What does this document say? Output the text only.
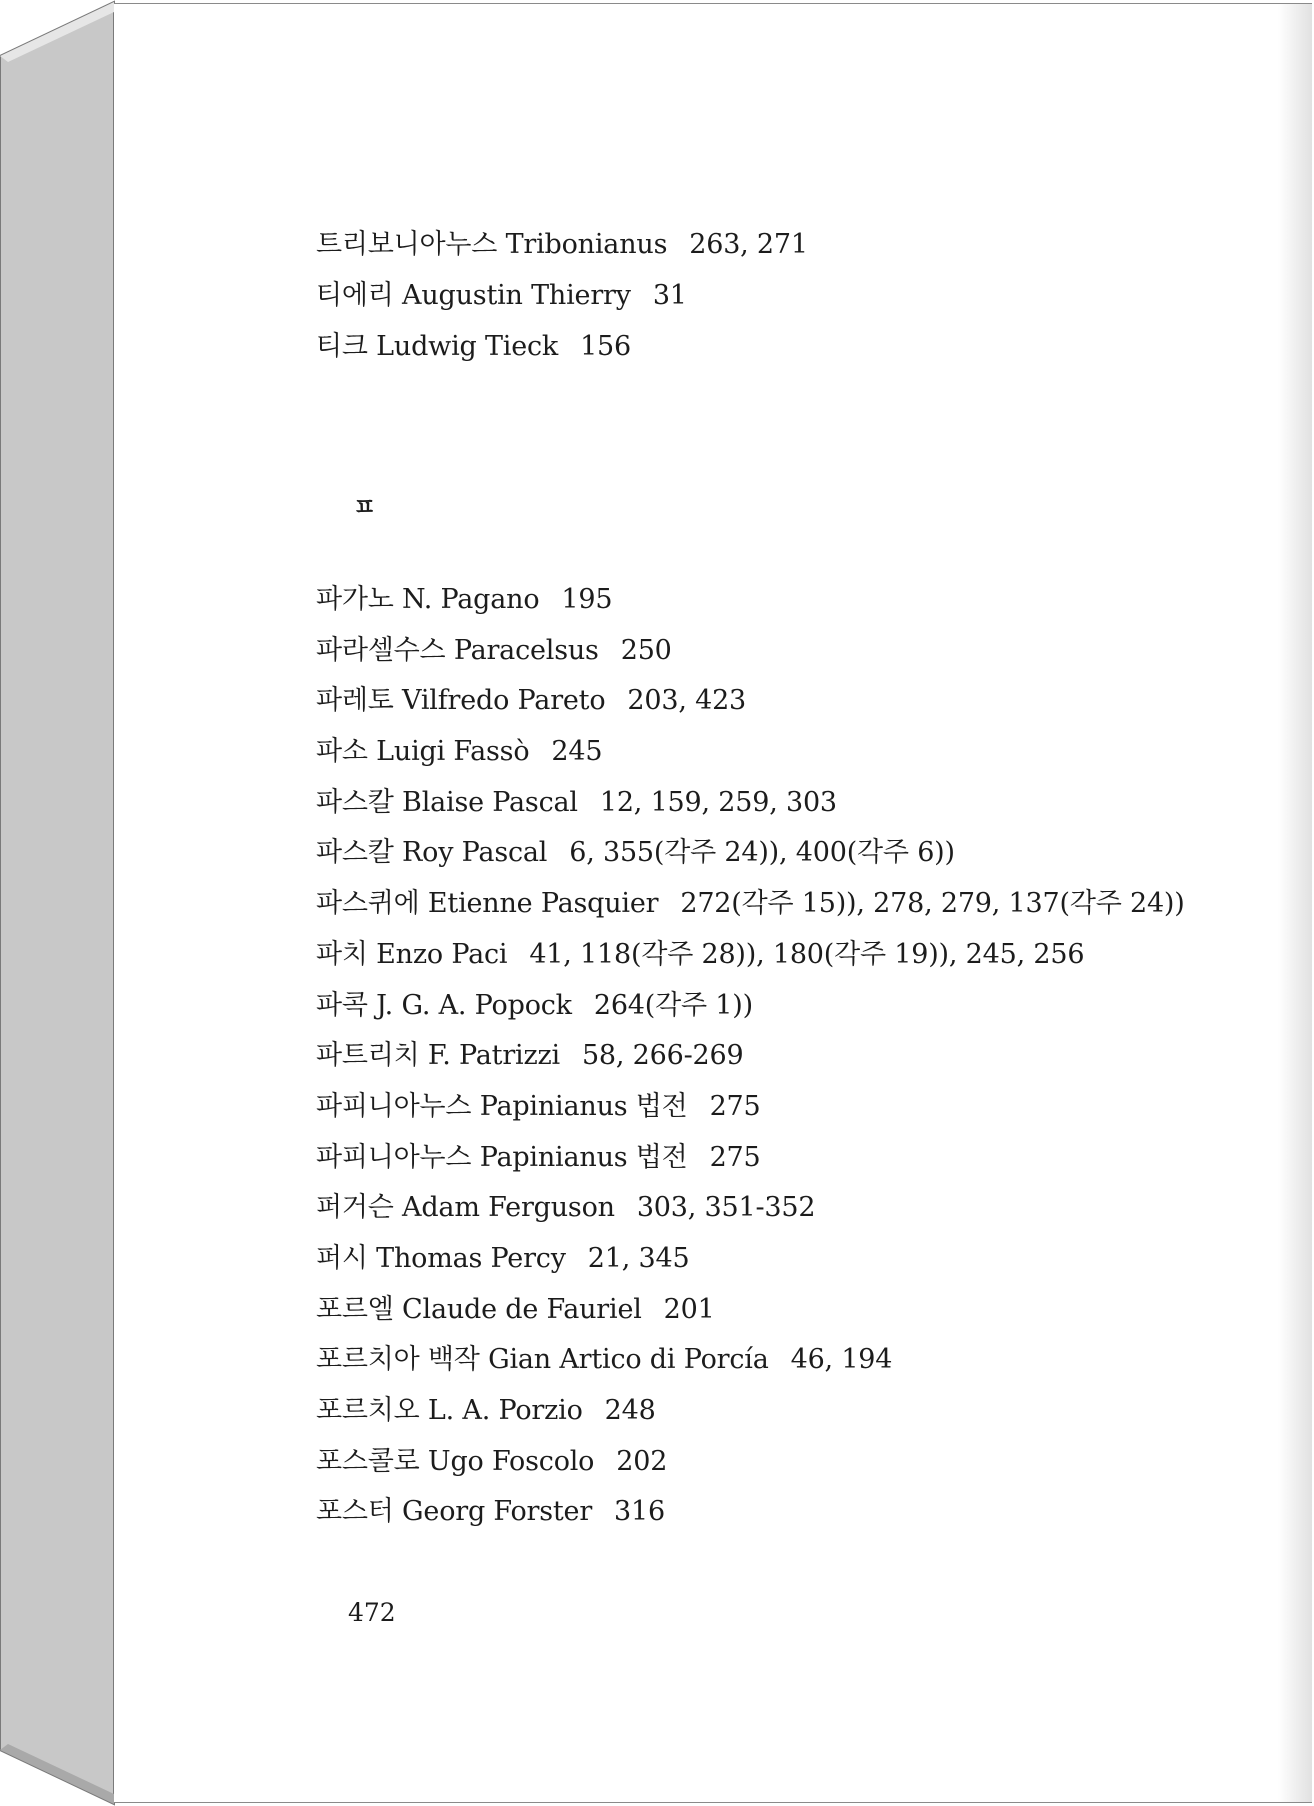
트리보니아누스 Tribonianus 263, 271
티에리 Augustin Thierry 31
티크 Ludwig Tieck 156
ㅍ
파가노 N. Pagano 195
파라셀수스 Paracelsus 250
파레토 Vilfredo Pareto 203, 423
파소 Luigi Fassò 245
파스칼 Blaise Pascal 12, 159, 259, 303
파스칼 Roy Pascal 6, 355(각주 24)), 400(각주 6))
파스퀴에 Etienne Pasquier 272(각주 15)), 278, 279, 137(각주 24))
파치 Enzo Paci 41, 118(각주 28)), 180(각주 19)), 245, 256
파콕 J. G. A. Popock 264(각주 1))
파트리치 F. Patrizzi 58, 266-269
파피니아누스 Papinianus 법전 275
파피니아누스 Papinianus 법전 275
퍼거슨 Adam Ferguson 303, 351-352
퍼시 Thomas Percy 21, 345
포르엘 Claude de Fauriel 201
포르치아 백작 Gian Artico di Porcía 46, 194
포르치오 L. A. Porzio 248
포스콜로 Ugo Foscolo 202
포스터 Georg Forster 316
472
